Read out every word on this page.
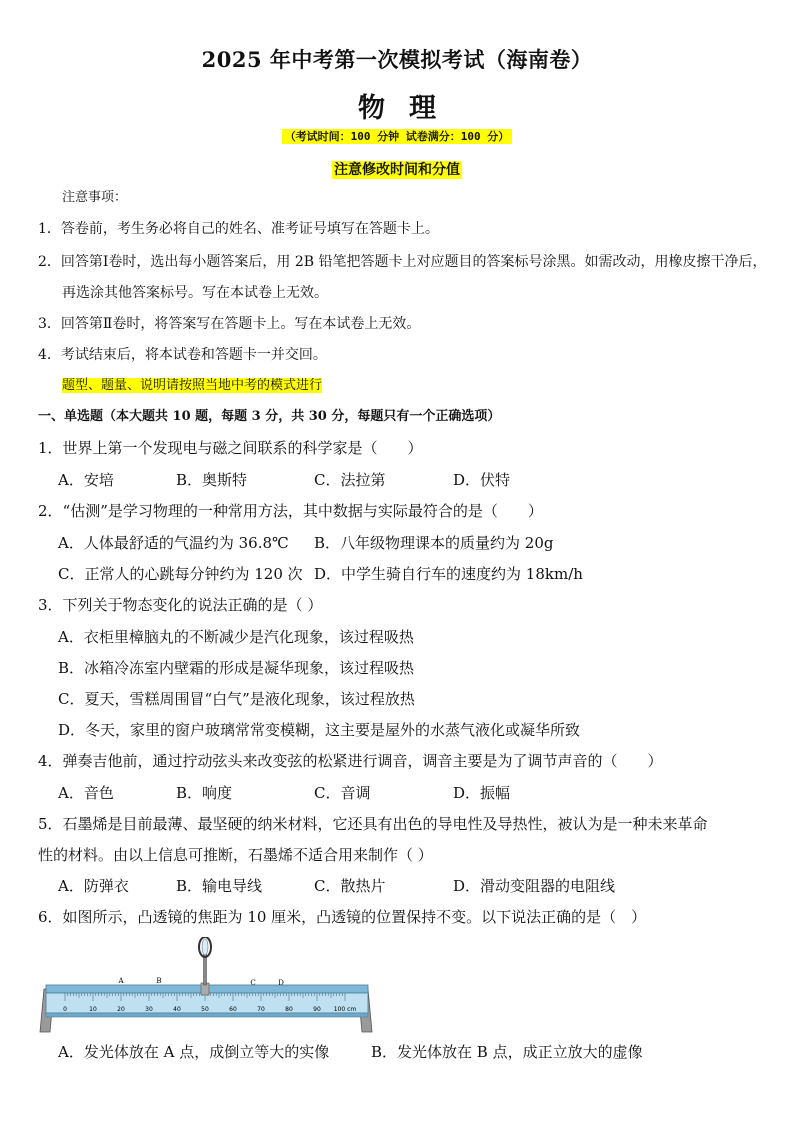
2025 年中考第一次模拟考试（海南卷）
物理
（考试时间：100 分钟 试卷满分：100 分）
注意修改时间和分值
注意事项：
1．答卷前，考生务必将自己的姓名、准考证号填写在答题卡上。
2．回答第Ⅰ卷时，选出每小题答案后，用 2B 铅笔把答题卡上对应题目的答案标号涂黑。如需改动，用橡皮擦干净后，
再选涂其他答案标号。写在本试卷上无效。
3．回答第Ⅱ卷时，将答案写在答题卡上。写在本试卷上无效。
4．考试结束后，将本试卷和答题卡一并交回。
题型、题量、说明请按照当地中考的模式进行
一、单选题（本大题共 10 题，每题 3 分，共 30 分，每题只有一个正确选项）
1．世界上第一个发现电与磁之间联系的科学家是（　　）
A．安培	B．奥斯特	C．法拉第	D．伏特
2．“估测”是学习物理的一种常用方法，其中数据与实际最符合的是（　　）
A．人体最舒适的气温约为 36.8℃ B．八年级物理课本的质量约为 20g
C．正常人的心跳每分钟约为 120 次 D．中学生骑自行车的速度约为 18km/h
3．下列关于物态变化的说法正确的是（ ）
A．衣柜里樟脑丸的不断减少是汽化现象，该过程吸热
B．冰箱冷冻室内壁霜的形成是凝华现象，该过程吸热
C．夏天，雪糕周围冒“白气”是液化现象，该过程放热
D．冬天，家里的窗户玻璃常常变模糊，这主要是屋外的水蒸气液化或凝华所致
4．弹奏吉他前，通过拧动弦头来改变弦的松紧进行调音，调音主要是为了调节声音的（　　）
A．音色	B．响度	C．音调	D．振幅
5．石墨烯是目前最薄、最坚硬的纳米材料，它还具有出色的导电性及导热性，被认为是一种未来革命
性的材料。由以上信息可推断，石墨烯不适合用来制作（ ）
A．防弹衣	B．输电导线	C．散热片	D．滑动变阻器的电阻线
6．如图所示，凸透镜的焦距为 10 厘米，凸透镜的位置保持不变。以下说法正确的是（　）
0	10	20	30	40	50	60	70	80	90 100 cm
A	B	C	D
A．发光体放在 A 点，成倒立等大的实像	B．发光体放在 B 点，成正立放大的虚像
